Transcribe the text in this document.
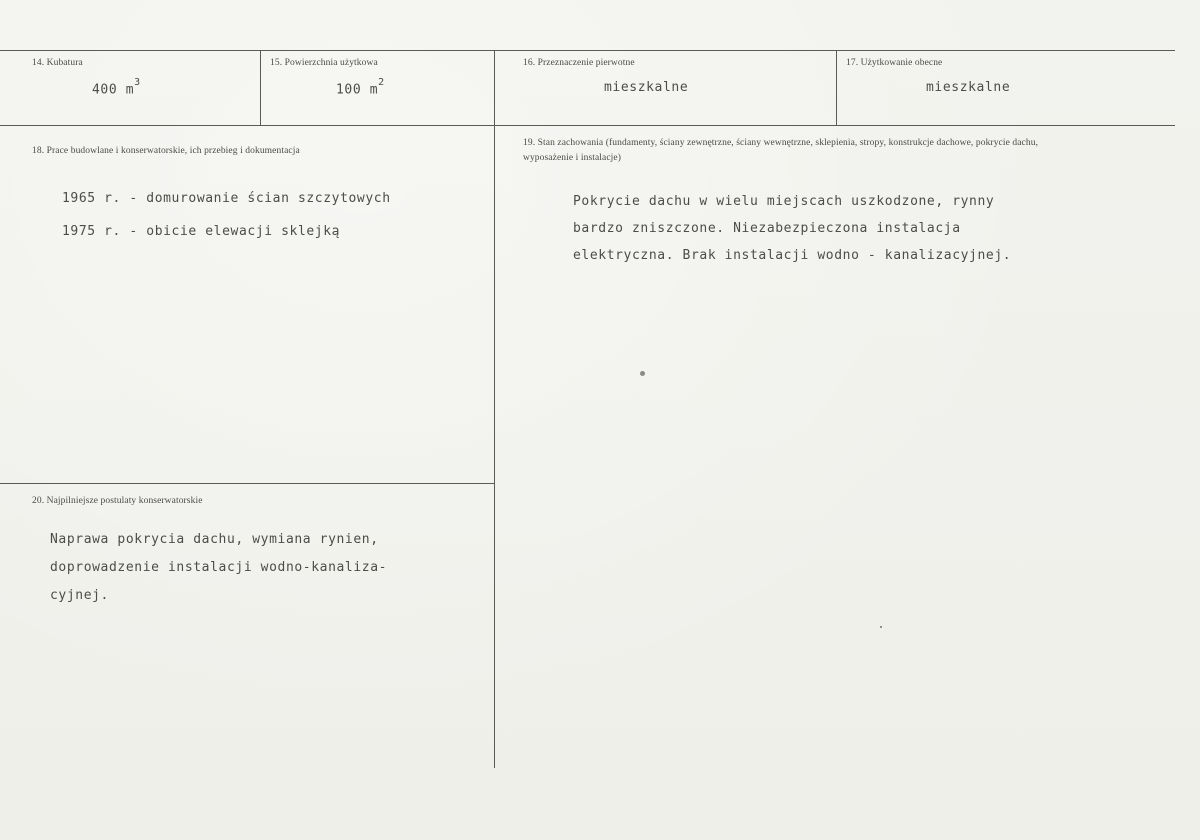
14. Kubatura
400 $m^3$
15. Powierzchnia użytkowa
100 $m^2$
16. Przeznaczenie pierwotne
mieszkalne
17. Użytkowanie obecne
mieszkalne
18. Prace budowlane i konserwatorskie, ich przebieg i dokumentacja
1965 r. - domurowanie ścian szczytowych
1975 r. - obicie elewacji sklejką
19. Stan zachowania (fundamenty, ściany zewnętrzne, ściany wewnętrzne, sklepienia, stropy, konstrukcje dachowe, pokrycie dachu, wyposażenie i instalacje)
Pokrycie dachu w wielu miejscach uszkodzone, rynny
bardzo zniszczone. Niezabezpieczona instalacja
elektryczna. Brak instalacji wodno - kanalizacyjnej.
20. Najpilniejsze postulaty konserwatorskie
Naprawa pokrycia dachu, wymiana rynien,
doprowadzenie instalacji wodno-kanaliza-
cyjnej.
